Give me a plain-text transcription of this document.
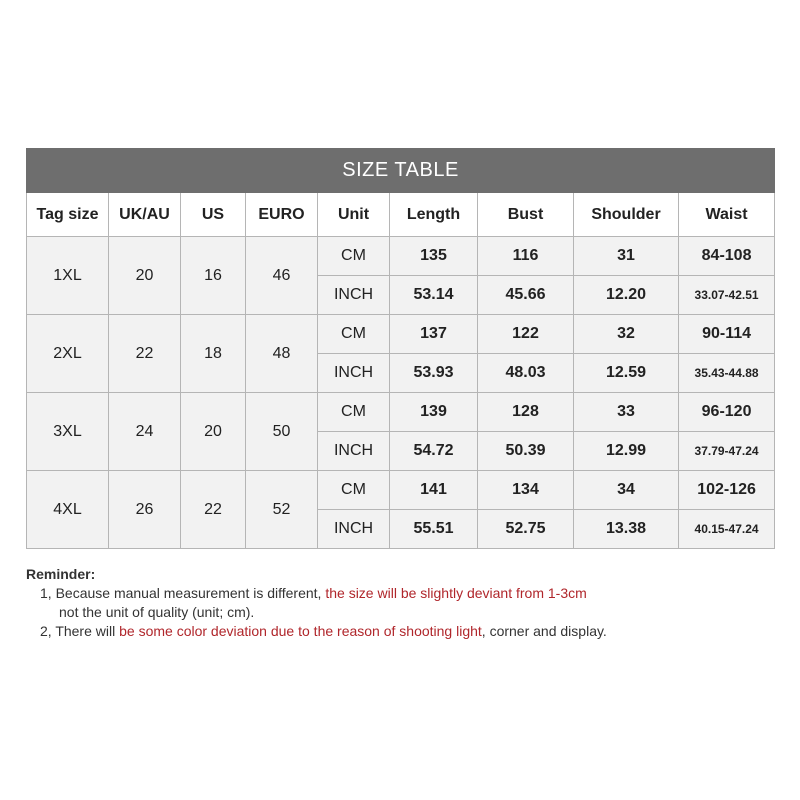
SIZE TABLE								
Tag size	UK/AU	US	EURO	Unit	Length	Bust	Shoulder	Waist
1XL	20	16	46	CM	135	116	31	84-108
				INCH	53.14	45.66	12.20	33.07-42.51
2XL	22	18	48	CM	137	122	32	90-114
				INCH	53.93	48.03	12.59	35.43-44.88
3XL	24	20	50	CM	139	128	33	96-120
				INCH	54.72	50.39	12.99	37.79-47.24
4XL	26	22	52	CM	141	134	34	102-126
				INCH	55.51	52.75	13.38	40.15-47.24
Reminder:
1, Because manual measurement is different, the size will be slightly deviant from 1-3cm
not the unit of quality (unit; cm).
2, There will be some color deviation due to the reason of shooting light, corner and display.
